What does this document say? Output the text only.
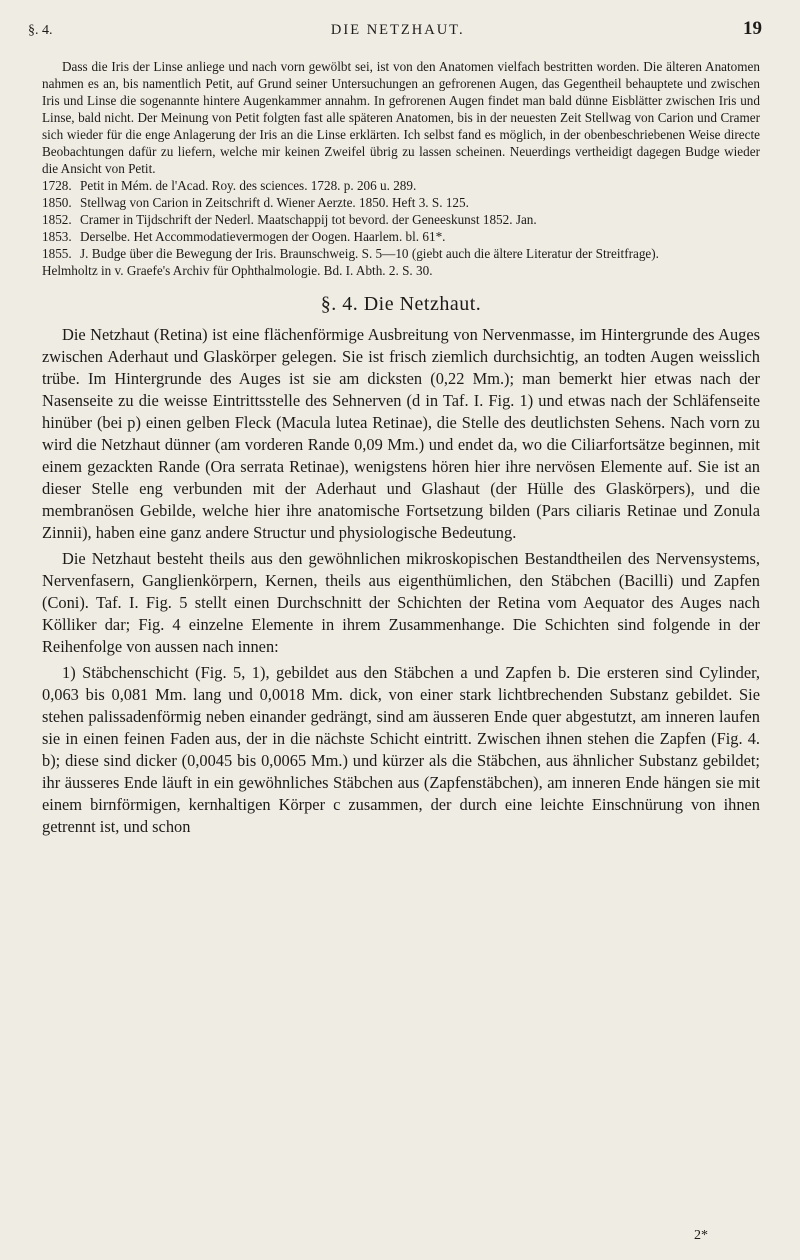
§. 4.	DIE NETZHAUT.	19

Dass die Iris der Linse anliege und nach vorn gewölbt sei, ist von den Anatomen vielfach bestritten worden. Die älteren Anatomen nahmen es an, bis namentlich Petit, auf Grund seiner Untersuchungen an gefrorenen Augen, das Gegentheil behauptete und zwischen Iris und Linse die sogenannte hintere Augenkammer annahm. In gefrorenen Augen findet man bald dünne Eisblätter zwischen Iris und Linse, bald nicht. Der Meinung von Petit folgten fast alle späteren Anatomen, bis in der neuesten Zeit Stellwag von Carion und Cramer sich wieder für die enge Anlagerung der Iris an die Linse erklärten. Ich selbst fand es möglich, in der obenbeschriebenen Weise directe Beobachtungen dafür zu liefern, welche mir keinen Zweifel übrig zu lassen scheinen. Neuerdings vertheidigt dagegen Budge wieder die Ansicht von Petit.

1728. Petit in Mém. de l'Acad. Roy. des sciences. 1728. p. 206 u. 289.
1850. Stellwag von Carion in Zeitschrift d. Wiener Aerzte. 1850. Heft 3. S. 125.
1852. Cramer in Tijdschrift der Nederl. Maatschappij tot bevord. der Geneeskunst 1852. Jan.
1853. Derselbe. Het Accommodatievermogen der Oogen. Haarlem. bl. 61*.
1855. J. Budge über die Bewegung der Iris. Braunschweig. S. 5—10 (giebt auch die ältere Literatur der Streitfrage).
Helmholtz in v. Graefe's Archiv für Ophthalmologie. Bd. I. Abth. 2. S. 30.
§. 4. Die Netzhaut.

Die Netzhaut (Retina) ist eine flächenförmige Ausbreitung von Nervenmasse, im Hintergrunde des Auges zwischen Aderhaut und Glaskörper gelegen. Sie ist frisch ziemlich durchsichtig, an todten Augen weisslich trübe. Im Hintergrunde des Auges ist sie am dicksten (0,22 Mm.); man bemerkt hier etwas nach der Nasenseite zu die weisse Eintrittsstelle des Sehnerven (d in Taf. I. Fig. 1) und etwas nach der Schläfenseite hinüber (bei p) einen gelben Fleck (Macula lutea Retinae), die Stelle des deutlichsten Sehens. Nach vorn zu wird die Netzhaut dünner (am vorderen Rande 0,09 Mm.) und endet da, wo die Ciliarfortsätze beginnen, mit einem gezackten Rande (Ora serrata Retinae), wenigstens hören hier ihre nervösen Elemente auf. Sie ist an dieser Stelle eng verbunden mit der Aderhaut und Glashaut (der Hülle des Glaskörpers), und die membranösen Gebilde, welche hier ihre anatomische Fortsetzung bilden (Pars ciliaris Retinae und Zonula Zinnii), haben eine ganz andere Structur und physiologische Bedeutung.

Die Netzhaut besteht theils aus den gewöhnlichen mikroskopischen Bestandtheilen des Nervensystems, Nervenfasern, Ganglienkörpern, Kernen, theils aus eigenthümlichen, den Stäbchen (Bacilli) und Zapfen (Coni). Taf. I. Fig. 5 stellt einen Durchschnitt der Schichten der Retina vom Aequator des Auges nach Kölliker dar; Fig. 4 einzelne Elemente in ihrem Zusammenhange. Die Schichten sind folgende in der Reihenfolge von aussen nach innen:

1) Stäbchenschicht (Fig. 5, 1), gebildet aus den Stäbchen a und Zapfen b. Die ersteren sind Cylinder, 0,063 bis 0,081 Mm. lang und 0,0018 Mm. dick, von einer stark lichtbrechenden Substanz gebildet. Sie stehen palissadenförmig neben einander gedrängt, sind am äusseren Ende quer abgestutzt, am inneren laufen sie in einen feinen Faden aus, der in die nächste Schicht eintritt. Zwischen ihnen stehen die Zapfen (Fig. 4. b); diese sind dicker (0,0045 bis 0,0065 Mm.) und kürzer als die Stäbchen, aus ähnlicher Substanz gebildet; ihr äusseres Ende läuft in ein gewöhnliches Stäbchen aus (Zapfenstäbchen), am inneren Ende hängen sie mit einem birnförmigen, kernhaltigen Körper c zusammen, der durch eine leichte Einschnürung von ihnen getrennt ist, und schon

2*
